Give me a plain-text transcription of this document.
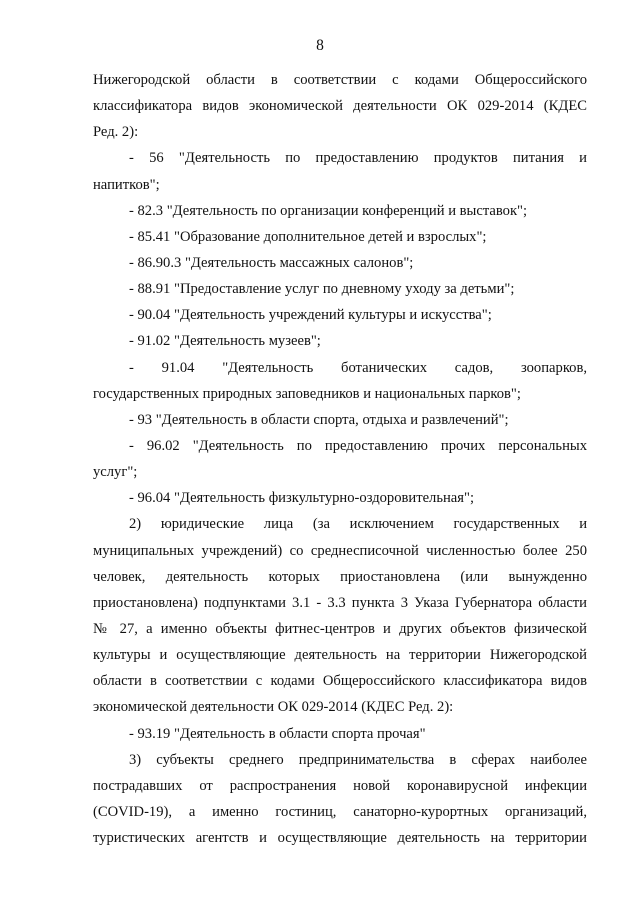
8
Нижегородской области в соответствии с кодами Общероссийского
классификатора видов экономической деятельности ОК 029-2014 (КДЕС
Ред. 2):
- 56 "Деятельность по предоставлению продуктов питания и
напитков";
- 82.3 "Деятельность по организации конференций и выставок";
- 85.41 "Образование дополнительное детей и взрослых";
- 86.90.3 "Деятельность массажных салонов";
- 88.91 "Предоставление услуг по дневному уходу за детьми";
- 90.04 "Деятельность учреждений культуры и искусства";
- 91.02 "Деятельность музеев";
- 91.04 "Деятельность ботанических садов, зоопарков,
государственных природных заповедников и национальных парков";
- 93 "Деятельность в области спорта, отдыха и развлечений";
- 96.02 "Деятельность по предоставлению прочих персональных
услуг";
- 96.04 "Деятельность физкультурно-оздоровительная";
2) юридические лица (за исключением государственных и
муниципальных учреждений) со среднесписочной численностью более 250
человек, деятельность которых приостановлена (или вынужденно
приостановлена) подпунктами 3.1 - 3.3 пункта 3 Указа Губернатора области
№ 27, а именно объекты фитнес-центров и других объектов физической
культуры и осуществляющие деятельность на территории Нижегородской
области в соответствии с кодами Общероссийского классификатора видов
экономической деятельности ОК 029-2014 (КДЕС Ред. 2):
- 93.19 "Деятельность в области спорта прочая"
3) субъекты среднего предпринимательства в сферах наиболее
пострадавших от распространения новой коронавирусной инфекции
(COVID-19), а именно гостиниц, санаторно-курортных организаций,
туристических агентств и осуществляющие деятельность на территории
